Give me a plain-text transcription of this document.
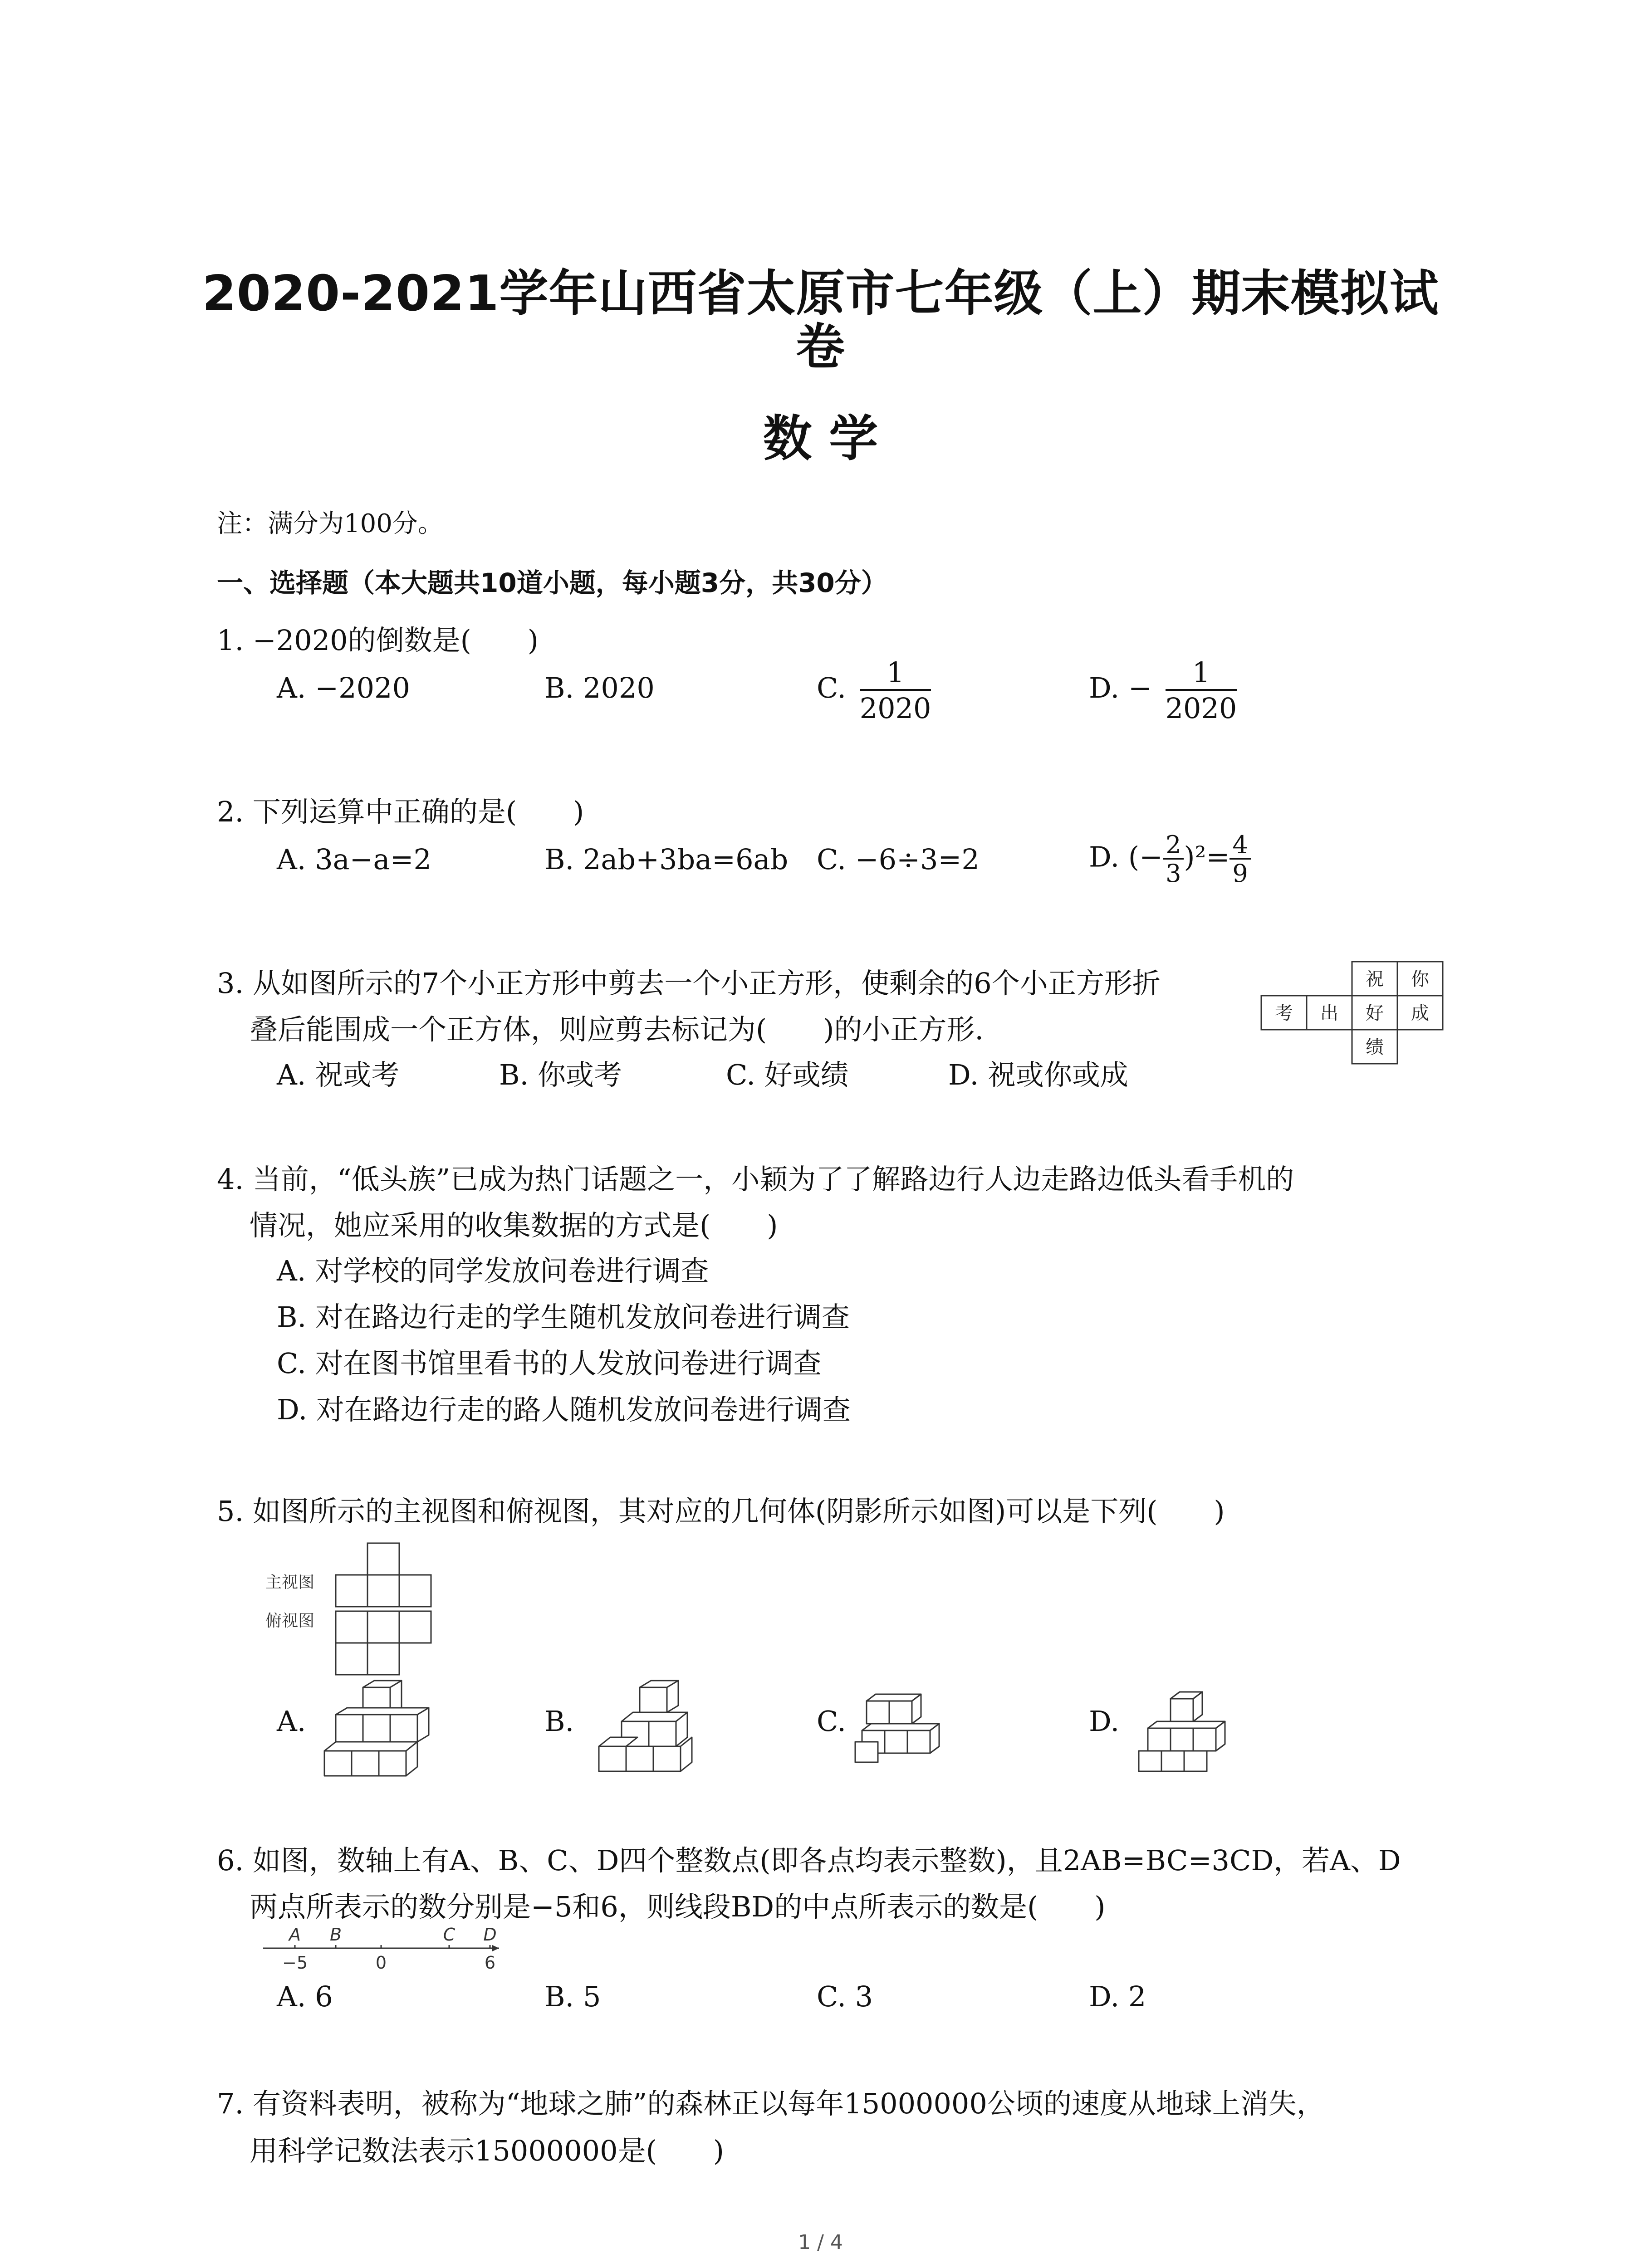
2020-2021学年山西省太原市七年级（上）期末模拟试
卷
数 学
注：满分为100分。
一、选择题（本大题共10道小题，每小题3分，共30分）
1. −2020的倒数是(　　)
A. −2020	B. 2020	C. $\frac{1}{2020}$	D. − $\frac{1}{2020}$
2. 下列运算中正确的是(　　)
A. 3a−a=2	B. 2ab+3ba=6ab C. −6÷3=2	D. (− $\frac{2}{3} )^2= \frac{4}{9}$
3. 从如图所示的7个小正方形中剪去一个小正方形，使剩余的6个小正方形折
叠后能围成一个正方体，则应剪去标记为(　　)的小正方形.
A. 祝或考	B. 你或考	C. 好或绩	D. 祝或你或成
祝 你
考 出 好 成
绩
4. 当前，“低头族”已成为热门话题之一，小颖为了了解路边行人边走路边低头看手机的
情况，她应采用的收集数据的方式是(　　)
A. 对学校的同学发放问卷进行调查
B. 对在路边行走的学生随机发放问卷进行调查
C. 对在图书馆里看书的人发放问卷进行调查
D. 对在路边行走的路人随机发放问卷进行调查
5. 如图所示的主视图和俯视图，其对应的几何体(阴影所示如图)可以是下列(　　)
主视图
俯视图
A.	B.	C.	D.
6. 如图，数轴上有A、B、C、D四个整数点(即各点均表示整数)，且2AB=BC=3CD，若A、D
两点所表示的数分别是−5和6，则线段BD的中点所表示的数是(　　)
A B	C D
−5	0	6
A. 6	B. 5	C. 3	D. 2
7. 有资料表明，被称为“地球之肺”的森林正以每年15000000公顷的速度从地球上消失，
用科学记数法表示15000000是(　　)
1 / 4
